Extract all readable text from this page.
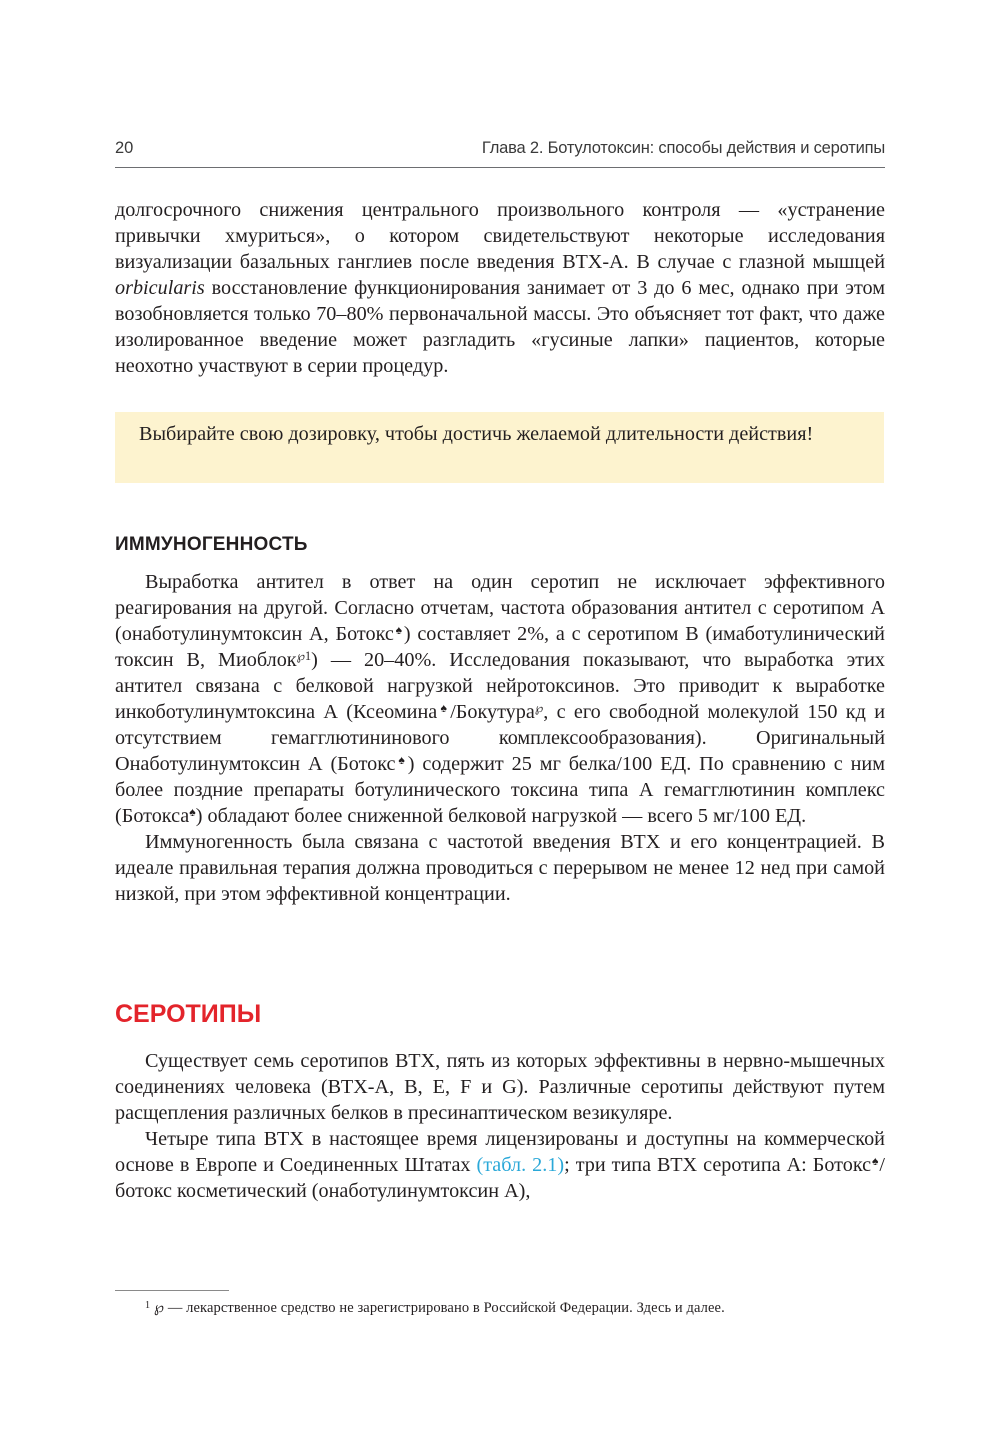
20	Глава 2. Ботулотоксин: способы действия и серотипы

долгосрочного снижения центрального произвольного контроля — «устранение привычки хмуриться», о котором свидетельствуют некоторые исследования визуализации базальных ганглиев после введения ВТХ-А. В случае с глазной мышцей orbicularis восстановление функционирования занимает от 3 до 6 мес, однако при этом возобновляется только 70–80% первоначальной массы. Это объясняет тот факт, что даже изолированное введение может разгладить «гусиные лапки» пациентов, которые неохотно участвуют в серии процедур.

Выбирайте свою дозировку, чтобы достичь желаемой длительности действия!
ИММУНОГЕННОСТЬ

Выработка антител в ответ на один серотип не исключает эффективного реагирования на другой. Согласно отчетам, частота образования антител с серотипом А (онаботулинумтоксин А, Ботокс♠) составляет 2%, а с серотипом В (имаботулинический токсин В, Миоблок$^{℘1}$) — 20–40%. Исследования показывают, что выработка этих антител связана с белковой нагрузкой нейротоксинов. Это приводит к выработке инкоботулинумтоксина А (Ксеомина♠/Бокутура℘, с его свободной молекулой 150 кд и отсутствием гемагглютининового комплексообразования). Оригинальный Онаботулинумтоксин А (Ботокс♠) содержит 25 мг белка/100 ЕД. По сравнению с ним более поздние препараты ботулинического токсина типа А гемагглютинин комплекс (Ботокса♠) обладают более сниженной белковой нагрузкой — всего 5 мг/100 ЕД.

Иммуногенность была связана с частотой введения ВТХ и его концентрацией. В идеале правильная терапия должна проводиться с перерывом не менее 12 нед при самой низкой, при этом эффективной концентрации.

СЕРОТИПЫ

Существует семь серотипов ВТХ, пять из которых эффективны в нервно-мышечных соединениях человека (ВТХ-А, В, Е, F и G). Различные серотипы действуют путем расщепления различных белков в пресинаптическом везикуляре.

Четыре типа ВТХ в настоящее время лицензированы и доступны на коммерческой основе в Европе и Соединенных Штатах (табл. 2.1); три типа ВТХ серотипа А: Ботокс♠/ботокс косметический (онаботулинумтоксин А),

$^1$ ℘ — лекарственное средство не зарегистрировано в Российской Федерации. Здесь и далее.
